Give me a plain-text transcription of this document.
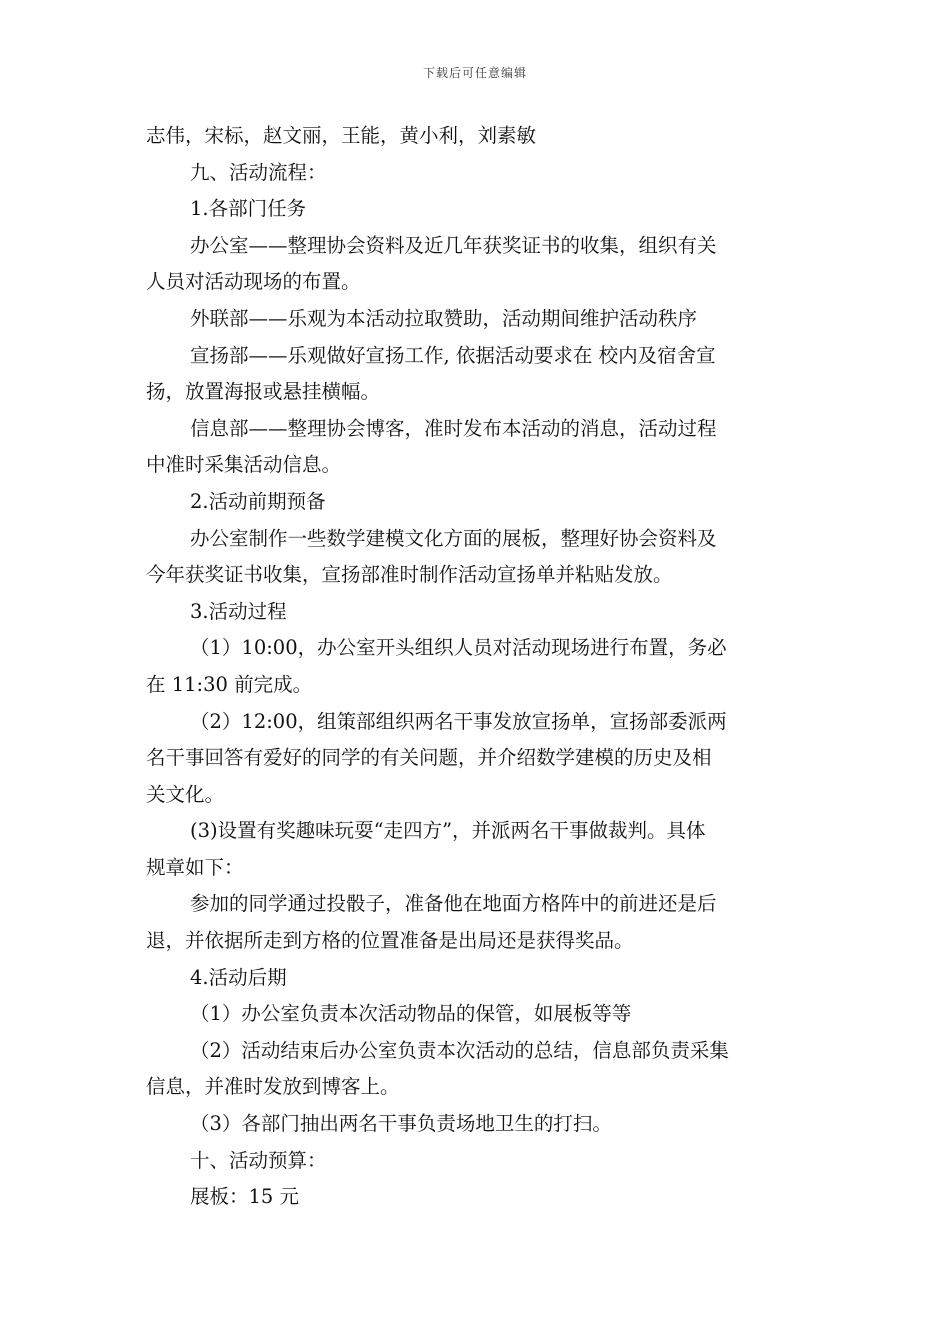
下载后可任意编辑
志伟，宋标，赵文丽，王能，黄小利，刘素敏
九、活动流程：
1.各部门任务
办公室——整理协会资料及近几年获奖证书的收集，组织有关
人员对活动现场的布置。
外联部——乐观为本活动拉取赞助，活动期间维护活动秩序
宣扬部——乐观做好宣扬工作, 依据活动要求在 校内及宿舍宣
扬，放置海报或悬挂横幅。
信息部——整理协会博客，准时发布本活动的消息，活动过程
中准时采集活动信息。
2.活动前期预备
办公室制作一些数学建模文化方面的展板，整理好协会资料及
今年获奖证书收集，宣扬部准时制作活动宣扬单并粘贴发放。
3.活动过程
（1）10:00，办公室开头组织人员对活动现场进行布置，务必
在 11:30 前完成。
（2）12:00，组策部组织两名干事发放宣扬单，宣扬部委派两
名干事回答有爱好的同学的有关问题，并介绍数学建模的历史及相
关文化。
(3)设置有奖趣味玩耍“走四方”，并派两名干事做裁判。具体
规章如下：
参加的同学通过投骰子，准备他在地面方格阵中的前进还是后
退，并依据所走到方格的位置准备是出局还是获得奖品。
4.活动后期
（1）办公室负责本次活动物品的保管，如展板等等
（2）活动结束后办公室负责本次活动的总结，信息部负责采集
信息，并准时发放到博客上。
（3）各部门抽出两名干事负责场地卫生的打扫。
十、活动预算：
展板：15 元
